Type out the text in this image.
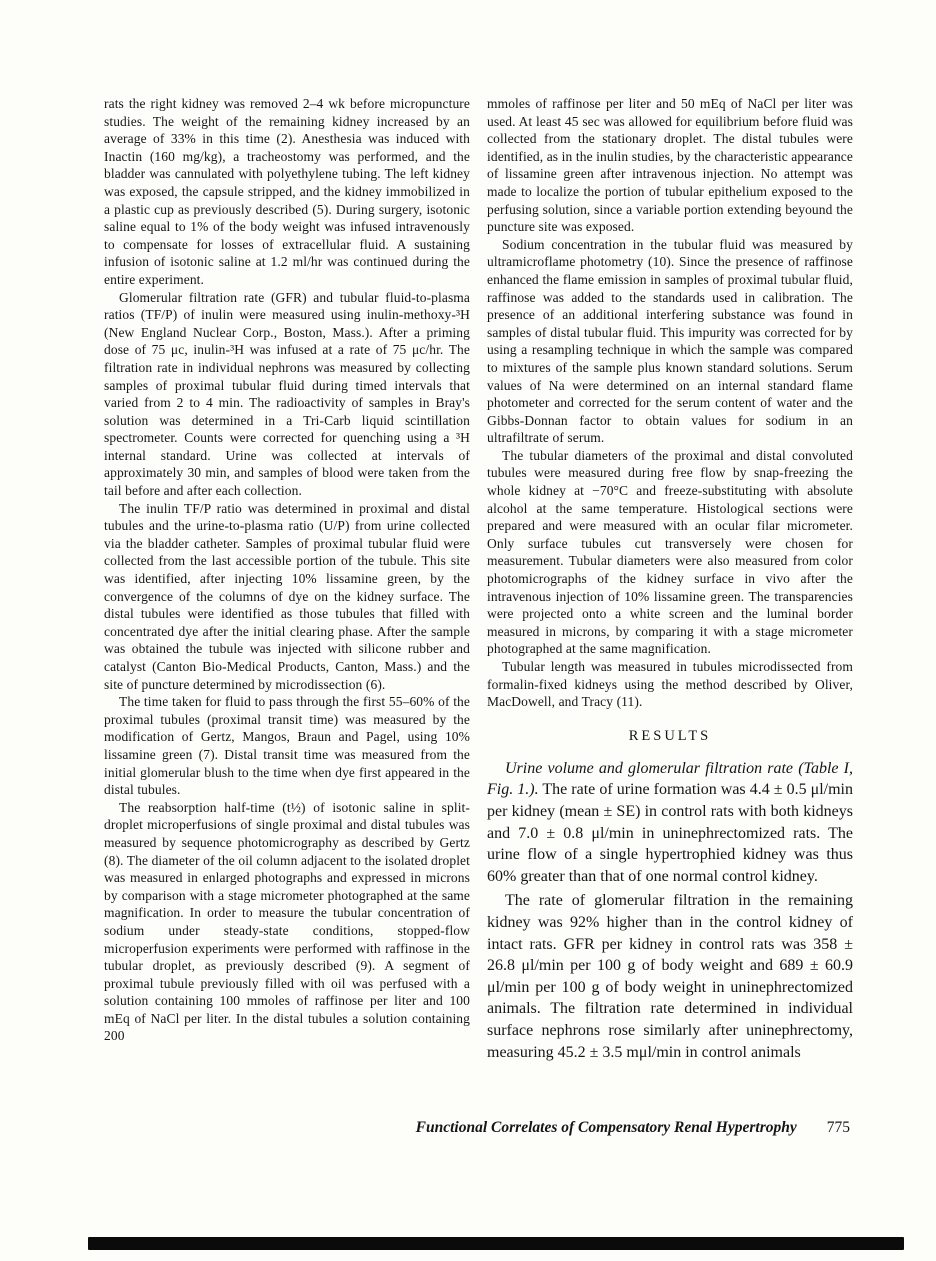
rats the right kidney was removed 2–4 wk before micropuncture studies. The weight of the remaining kidney increased by an average of 33% in this time (2). Anesthesia was induced with Inactin (160 mg/kg), a tracheostomy was performed, and the bladder was cannulated with polyethylene tubing. The left kidney was exposed, the capsule stripped, and the kidney immobilized in a plastic cup as previously described (5). During surgery, isotonic saline equal to 1% of the body weight was infused intravenously to compensate for losses of extracellular fluid. A sustaining infusion of isotonic saline at 1.2 ml/hr was continued during the entire experiment.

Glomerular filtration rate (GFR) and tubular fluid-to-plasma ratios (TF/P) of inulin were measured using inulin-methoxy-³H (New England Nuclear Corp., Boston, Mass.). After a priming dose of 75 μc, inulin-³H was infused at a rate of 75 μc/hr. The filtration rate in individual nephrons was measured by collecting samples of proximal tubular fluid during timed intervals that varied from 2 to 4 min. The radioactivity of samples in Bray's solution was determined in a Tri-Carb liquid scintillation spectrometer. Counts were corrected for quenching using a ³H internal standard. Urine was collected at intervals of approximately 30 min, and samples of blood were taken from the tail before and after each collection.

The inulin TF/P ratio was determined in proximal and distal tubules and the urine-to-plasma ratio (U/P) from urine collected via the bladder catheter. Samples of proximal tubular fluid were collected from the last accessible portion of the tubule. This site was identified, after injecting 10% lissamine green, by the convergence of the columns of dye on the kidney surface. The distal tubules were identified as those tubules that filled with concentrated dye after the initial clearing phase. After the sample was obtained the tubule was injected with silicone rubber and catalyst (Canton Bio-Medical Products, Canton, Mass.) and the site of puncture determined by microdissection (6).

The time taken for fluid to pass through the first 55–60% of the proximal tubules (proximal transit time) was measured by the modification of Gertz, Mangos, Braun and Pagel, using 10% lissamine green (7). Distal transit time was measured from the initial glomerular blush to the time when dye first appeared in the distal tubules.

The reabsorption half-time (t½) of isotonic saline in split-droplet microperfusions of single proximal and distal tubules was measured by sequence photomicrography as described by Gertz (8). The diameter of the oil column adjacent to the isolated droplet was measured in enlarged photographs and expressed in microns by comparison with a stage micrometer photographed at the same magnification. In order to measure the tubular concentration of sodium under steady-state conditions, stopped-flow microperfusion experiments were performed with raffinose in the tubular droplet, as previously described (9). A segment of proximal tubule previously filled with oil was perfused with a solution containing 100 mmoles of raffinose per liter and 100 mEq of NaCl per liter. In the distal tubules a solution containing 200

mmoles of raffinose per liter and 50 mEq of NaCl per liter was used. At least 45 sec was allowed for equilibrium before fluid was collected from the stationary droplet. The distal tubules were identified, as in the inulin studies, by the characteristic appearance of lissamine green after intravenous injection. No attempt was made to localize the portion of tubular epithelium exposed to the perfusing solution, since a variable portion extending beyound the puncture site was exposed.

Sodium concentration in the tubular fluid was measured by ultramicroflame photometry (10). Since the presence of raffinose enhanced the flame emission in samples of proximal tubular fluid, raffinose was added to the standards used in calibration. The presence of an additional interfering substance was found in samples of distal tubular fluid. This impurity was corrected for by using a resampling technique in which the sample was compared to mixtures of the sample plus known standard solutions. Serum values of Na were determined on an internal standard flame photometer and corrected for the serum content of water and the Gibbs-Donnan factor to obtain values for sodium in an ultrafiltrate of serum.

The tubular diameters of the proximal and distal convoluted tubules were measured during free flow by snap-freezing the whole kidney at −70°C and freeze-substituting with absolute alcohol at the same temperature. Histological sections were prepared and were measured with an ocular filar micrometer. Only surface tubules cut transversely were chosen for measurement. Tubular diameters were also measured from color photomicrographs of the kidney surface in vivo after the intravenous injection of 10% lissamine green. The transparencies were projected onto a white screen and the luminal border measured in microns, by comparing it with a stage micrometer photographed at the same magnification.

Tubular length was measured in tubules microdissected from formalin-fixed kidneys using the method described by Oliver, MacDowell, and Tracy (11).

RESULTS

Urine volume and glomerular filtration rate (Table I, Fig. 1.). The rate of urine formation was 4.4 ± 0.5 μl/min per kidney (mean ± SE) in control rats with both kidneys and 7.0 ± 0.8 μl/min in uninephrectomized rats. The urine flow of a single hypertrophied kidney was thus 60% greater than that of one normal control kidney.

The rate of glomerular filtration in the remaining kidney was 92% higher than in the control kidney of intact rats. GFR per kidney in control rats was 358 ± 26.8 μl/min per 100 g of body weight and 689 ± 60.9 μl/min per 100 g of body weight in uninephrectomized animals. The filtration rate determined in individual surface nephrons rose similarly after uninephrectomy, measuring 45.2 ± 3.5 mμl/min in control animals

Functional Correlates of Compensatory Renal Hypertrophy 775
